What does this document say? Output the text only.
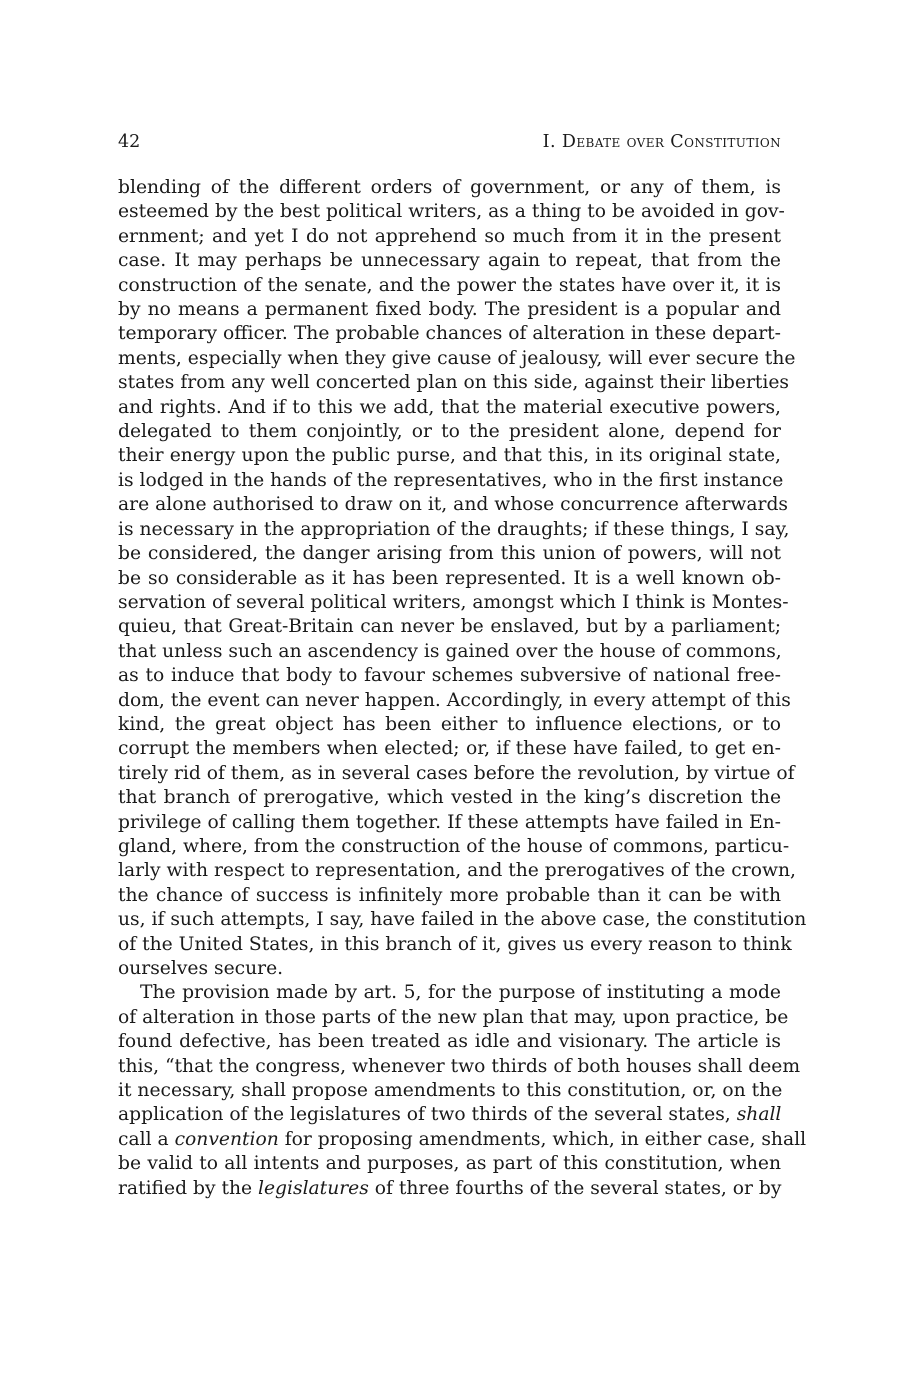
42	I. Debate over Constitution
blending of the different orders of government, or any of them, is
esteemed by the best political writers, as a thing to be avoided in gov-
ernment; and yet I do not apprehend so much from it in the present
case. It may perhaps be unnecessary again to repeat, that from the
construction of the senate, and the power the states have over it, it is
by no means a permanent fixed body. The president is a popular and
temporary officer. The probable chances of alteration in these depart-
ments, especially when they give cause of jealousy, will ever secure the
states from any well concerted plan on this side, against their liberties
and rights. And if to this we add, that the material executive powers,
delegated to them conjointly, or to the president alone, depend for
their energy upon the public purse, and that this, in its original state,
is lodged in the hands of the representatives, who in the first instance
are alone authorised to draw on it, and whose concurrence afterwards
is necessary in the appropriation of the draughts; if these things, I say,
be considered, the danger arising from this union of powers, will not
be so considerable as it has been represented. It is a well known ob-
servation of several political writers, amongst which I think is Montes-
quieu, that Great-Britain can never be enslaved, but by a parliament;
that unless such an ascendency is gained over the house of commons,
as to induce that body to favour schemes subversive of national free-
dom, the event can never happen. Accordingly, in every attempt of this
kind, the great object has been either to influence elections, or to
corrupt the members when elected; or, if these have failed, to get en-
tirely rid of them, as in several cases before the revolution, by virtue of
that branch of prerogative, which vested in the king’s discretion the
privilege of calling them together. If these attempts have failed in En-
gland, where, from the construction of the house of commons, particu-
larly with respect to representation, and the prerogatives of the crown,
the chance of success is infinitely more probable than it can be with
us, if such attempts, I say, have failed in the above case, the constitution
of the United States, in this branch of it, gives us every reason to think
ourselves secure.
The provision made by art. 5, for the purpose of instituting a mode
of alteration in those parts of the new plan that may, upon practice, be
found defective, has been treated as idle and visionary. The article is
this, “that the congress, whenever two thirds of both houses shall deem
it necessary, shall propose amendments to this constitution, or, on the
application of the legislatures of two thirds of the several states, shall
call a convention for proposing amendments, which, in either case, shall
be valid to all intents and purposes, as part of this constitution, when
ratified by the legislatures of three fourths of the several states, or by
